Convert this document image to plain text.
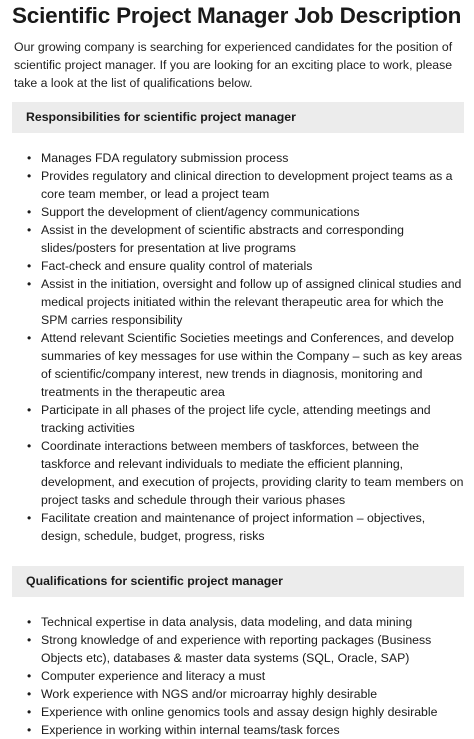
Scientific Project Manager Job Description

Our growing company is searching for experienced candidates for the position of scientific project manager. If you are looking for an exciting place to work, please take a look at the list of qualifications below.

Responsibilities for scientific project manager
• Manages FDA regulatory submission process
• Provides regulatory and clinical direction to development project teams as a core team member, or lead a project team
• Support the development of client/agency communications
• Assist in the development of scientific abstracts and corresponding slides/posters for presentation at live programs
• Fact-check and ensure quality control of materials
• Assist in the initiation, oversight and follow up of assigned clinical studies and medical projects initiated within the relevant therapeutic area for which the SPM carries responsibility
• Attend relevant Scientific Societies meetings and Conferences, and develop summaries of key messages for use within the Company – such as key areas of scientific/company interest, new trends in diagnosis, monitoring and treatments in the therapeutic area
• Participate in all phases of the project life cycle, attending meetings and tracking activities
• Coordinate interactions between members of taskforces, between the taskforce and relevant individuals to mediate the efficient planning, development, and execution of projects, providing clarity to team members on project tasks and schedule through their various phases
• Facilitate creation and maintenance of project information – objectives, design, schedule, budget, progress, risks
Qualifications for scientific project manager
• Technical expertise in data analysis, data modeling, and data mining
• Strong knowledge of and experience with reporting packages (Business Objects etc), databases & master data systems (SQL, Oracle, SAP)
• Computer experience and literacy a must
• Work experience with NGS and/or microarray highly desirable
• Experience with online genomics tools and assay design highly desirable
• Experience in working within internal teams/task forces
